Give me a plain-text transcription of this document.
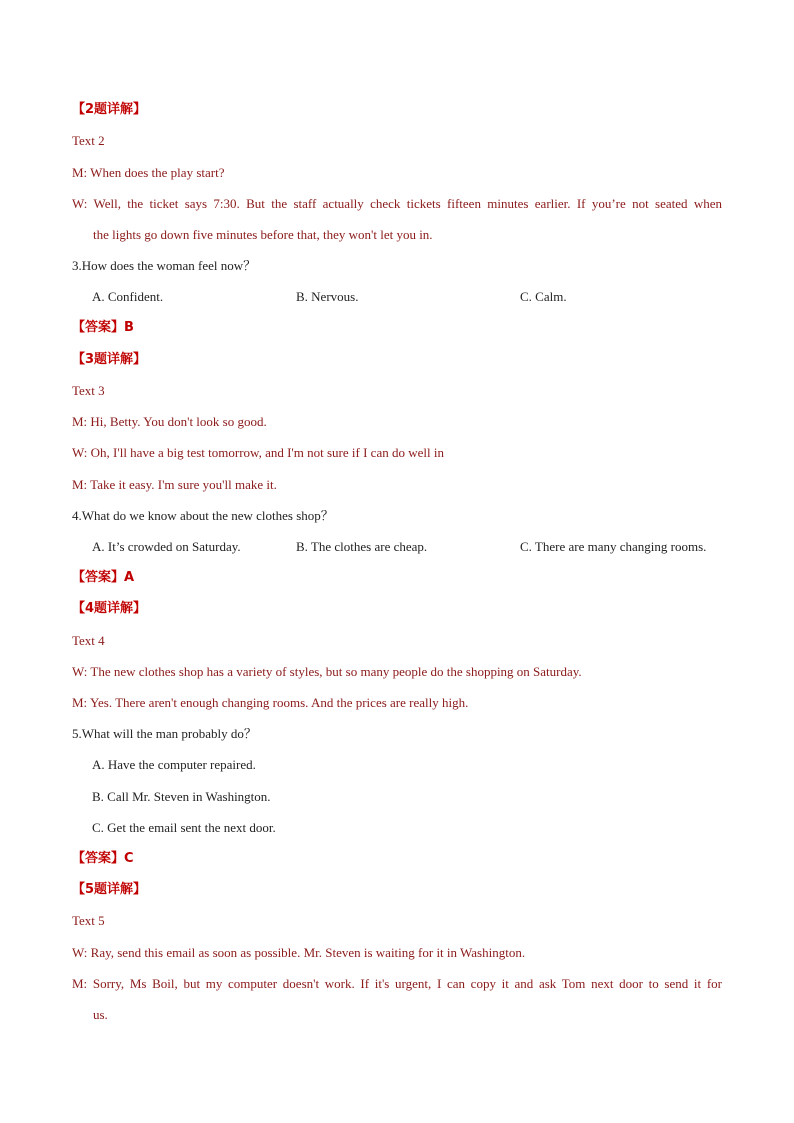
【2题详解】
Text 2
M: When does the play start?
W: Well, the ticket says 7:30. But the staff actually check tickets fifteen minutes earlier. If you’re not seated when
the lights go down five minutes before that, they won't let you in.
3.How does the woman feel now？
A. Confident.	B. Nervous.	C. Calm.
【答案】B
【3题详解】
Text 3
M: Hi, Betty. You don't look so good.
W: Oh, I'll have a big test tomorrow, and I'm not sure if I can do well in
M: Take it easy. I'm sure you'll make it.
4.What do we know about the new clothes shop？
A. It’s crowded on Saturday.	B. The clothes are cheap.	C. There are many changing rooms.
【答案】A
【4题详解】
Text 4
W: The new clothes shop has a variety of styles, but so many people do the shopping on Saturday.
M: Yes. There aren't enough changing rooms. And the prices are really high.
5.What will the man probably do？
A. Have the computer repaired.
B. Call Mr. Steven in Washington.
C. Get the email sent the next door.
【答案】C
【5题详解】
Text 5
W: Ray, send this email as soon as possible. Mr. Steven is waiting for it in Washington.
M: Sorry, Ms Boil, but my computer doesn't work. If it's urgent, I can copy it and ask Tom next door to send it for
us.
